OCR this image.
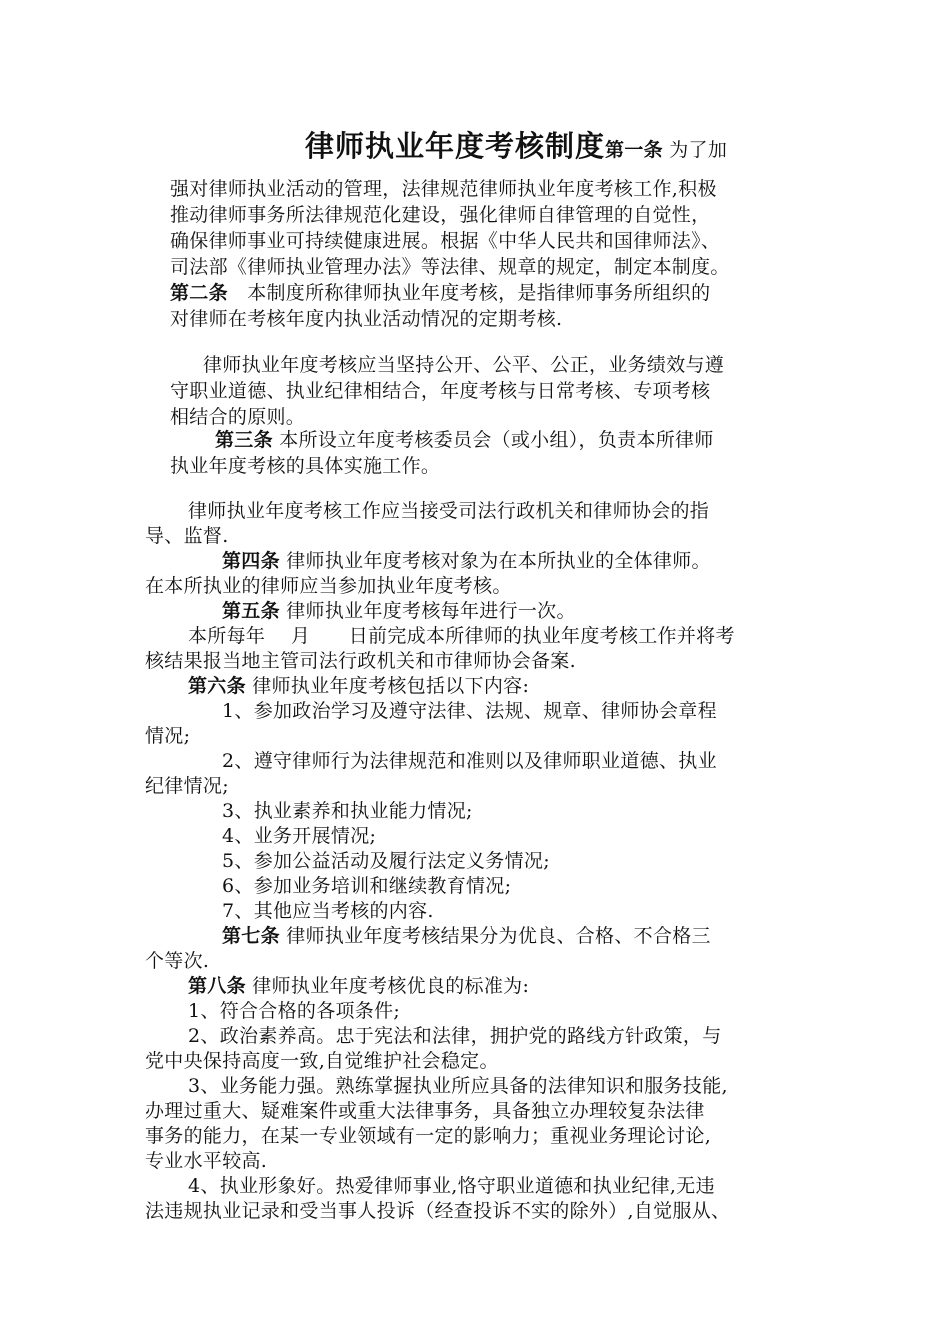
律师执业年度考核制度第一条 为了加
强对律师执业活动的管理，法律规范律师执业年度考核工作,积极
推动律师事务所法律规范化建设，强化律师自律管理的自觉性，
确保律师事业可持续健康进展。根据《中华人民共和国律师法》、
司法部《律师执业管理办法》等法律、规章的规定，制定本制度。
第二条　本制度所称律师执业年度考核，是指律师事务所组织的
对律师在考核年度内执业活动情况的定期考核.
律师执业年度考核应当坚持公开、公平、公正，业务绩效与遵
守职业道德、执业纪律相结合，年度考核与日常考核、专项考核
相结合的原则。
第三条 本所设立年度考核委员会（或小组），负责本所律师
执业年度考核的具体实施工作。
律师执业年度考核工作应当接受司法行政机关和律师协会的指
导、监督.
第四条 律师执业年度考核对象为在本所执业的全体律师。
在本所执业的律师应当参加执业年度考核。
第五条 律师执业年度考核每年进行一次。
本所每年　 月　　日前完成本所律师的执业年度考核工作并将考
核结果报当地主管司法行政机关和市律师协会备案.
第六条 律师执业年度考核包括以下内容:
1、参加政治学习及遵守法律、法规、规章、律师协会章程
情况;
2、遵守律师行为法律规范和准则以及律师职业道德、执业
纪律情况;
3、执业素养和执业能力情况;
4、业务开展情况;
5、参加公益活动及履行法定义务情况;
6、参加业务培训和继续教育情况;
7、其他应当考核的内容.
第七条 律师执业年度考核结果分为优良、合格、不合格三
个等次.
第八条 律师执业年度考核优良的标准为:
1、符合合格的各项条件;
2、政治素养高。忠于宪法和法律，拥护党的路线方针政策，与
党中央保持高度一致,自觉维护社会稳定。
3、业务能力强。熟练掌握执业所应具备的法律知识和服务技能,
办理过重大、疑难案件或重大法律事务，具备独立办理较复杂法律
事务的能力，在某一专业领域有一定的影响力；重视业务理论讨论,
专业水平较高.
4、执业形象好。热爱律师事业,恪守职业道德和执业纪律,无违
法违规执业记录和受当事人投诉（经查投诉不实的除外）,自觉服从、
